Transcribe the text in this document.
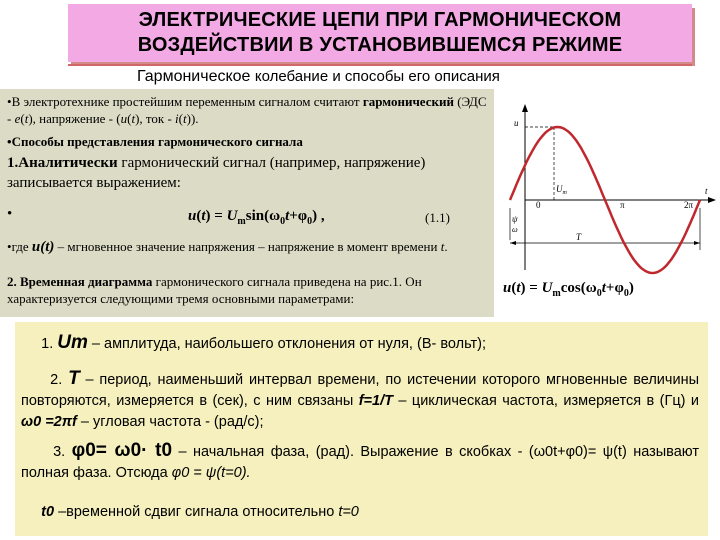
ЭЛЕКТРИЧЕСКИЕ ЦЕПИ ПРИ ГАРМОНИЧЕСКОМ
ВОЗДЕЙСТВИИ В УСТАНОВИВШЕМСЯ РЕЖИМЕ
Гармоническое колебание и способы его описания

•В электротехнике простейшим переменным сигналом считают гармонический (ЭДС - e(t), напряжение - (u(t), ток - i(t)).

•Способы представления гармонического сигнала

1.Аналитически гармонический сигнал (например, напряжение) записывается выражением:

•

•где u(t) – мгновенное значение напряжения – напряжение в момент времени t.

2. Временная диаграмма гармонического сигнала приведена на рис.1. Он характеризуется следующими тремя основными параметрами:

$u(t) = U_m\sin(\omega_0t+\varphi_0)$ ,	(1.1)
u
t
$U_m$
0	π	2π
ψ
ω
T
$u(t) = U_m\cos(\omega_0t+\varphi_0)$

1. Um – амплитуда, наибольшего отклонения от нуля, (В- вольт);

2. T – период, наименьший интервал времени, по истечении которого мгновенные величины повторяются, измеряется в (сек), с ним связаны f=1/T – циклическая частота, измеряется в (Гц) и ω0 =2πf – угловая частота - (рад/с);

3. φ0= ω0· t0 – начальная фаза, (рад). Выражение в скобках - (ω0t+φ0)= ψ(t) называют полная фаза. Отсюда φ0 = ψ(t=0).

t0 –временной сдвиг сигнала относительно t=0
